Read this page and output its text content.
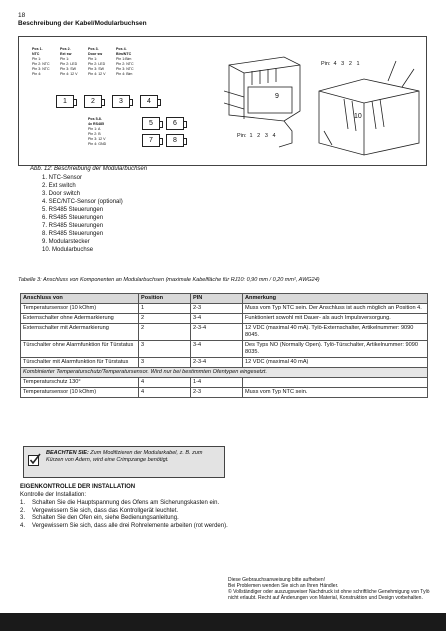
18
Beschreibung der Kabel/Modularbuchsen
Pos 1.
NTC
Pin 1:
Pin 2: NTC
Pin 3: NTC
Pin 4:
Pos 2.
Ext sw
Pin 1:
Pin 2: LED
Pin 3: SW
Pin 4: 12 V
Pos 3.
Door sw
Pin 1:
Pin 2: LED
Pin 3: SW
Pin 4: 12 V
Pos 4.
Bim/NTC
Pin 1:Bim
Pin 2: NTC
Pin 3: NTC
Pin 4: Bim
1	2	3	4
Pos 5-8.
4x RS485
Pin 1: A
Pin 2: B
Pin 3: 12 V
Pin 4: GND
5	6
7	8
9
10
Pin:  4   3   2   1
Pin:  1   2   3   4
Abb. 12: Beschreibung der Modularbuchsen
1. NTC-Sensor
2. Ext switch
3. Door switch
4. SEC/NTC-Sensor (optional)
5. RS485 Steuerungen
6. RS485 Steuerungen
7. RS485 Steuerungen
8. RS485 Steuerungen
9. Modularstecker
10. Modularbuchse
Tabelle 3: Anschluss von Komponenten an Modularbuchsen (maximale Kabelfläche für RJ10: 0,90 mm / 0,20 mm², AWG24)
Anschluss von	Position	PIN	Anmerkung
Temperatursensor (10 kOhm)	1	2-3	Muss vom Typ NTC sein. Der Anschluss ist auch möglich an Position 4.
Externschalter ohne Adermarkierung	2	3-4	Funktioniert sowohl mit Dauer- als auch Impulsversorgung.
Externschalter mit Adermarkierung	2	2-3-4	12 VDC (maximal 40 mA). Tylö-Externschalter, Artikelnummer: 9090 8045.
Türschalter ohne Alarmfunktion für Türstatus	3	3-4	Des Typs NO (Normally Open). Tylö-Türschalter, Artikelnummer: 9090 8035.
Türschalter mit Alarmfunktion für Türstatus	3	2-3-4	12 VDC (maximal 40 mA)
Kombinierter Temperaturschutz/Temperatursensor. Wird nur bei bestimmten Ofentypen eingesetzt.			
Temperaturschutz 130°	4	1-4	
Temperatursensor (10 kOhm)	4	2-3	Muss vom Typ NTC sein.
BEACHTEN SIE: Zum Modifizieren der Modularkabel, z. B. zum Kürzen von Adern, wird eine Crimpzange benötigt.
EIGENKONTROLLE DER INSTALLATION
Kontrolle der Installation:
1. Schalten Sie die Hauptspannung des Ofens am Sicherungskasten ein.
2. Vergewissern Sie sich, dass das Kontrollgerät leuchtet.
3. Schalten Sie den Ofen ein, siehe Bedienungsanleitung.
4. Vergewissern Sie sich, dass alle drei Rohrelemente arbeiten (rot werden).
Diese Gebrauchsanweisung bitte aufheben!
Bei Problemen wenden Sie sich an Ihren Händler.
© Vollständiger oder auszugsweiser Nachdruck ist ohne schriftliche Genehmigung von Tylö nicht erlaubt. Recht auf Änderungen von Material, Konstruktion und Design vorbehalten.
